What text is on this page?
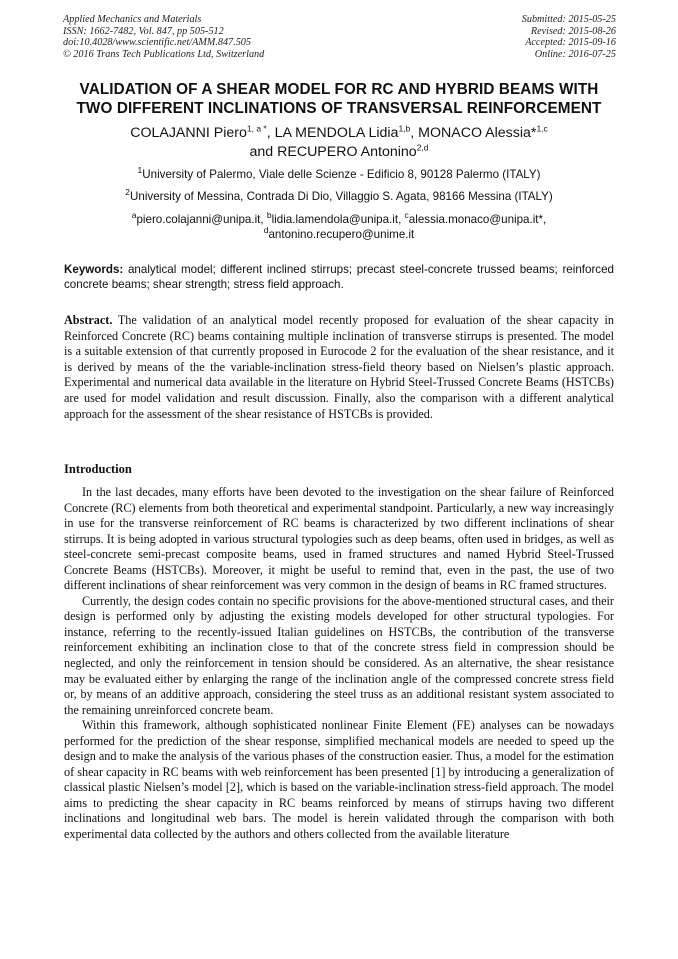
Applied Mechanics and Materials
ISSN: 1662-7482, Vol. 847, pp 505-512
doi:10.4028/www.scientific.net/AMM.847.505
© 2016 Trans Tech Publications Ltd, Switzerland
Submitted: 2015-05-25
Revised: 2015-08-26
Accepted: 2015-09-16
Online: 2016-07-25
VALIDATION OF A SHEAR MODEL FOR RC AND HYBRID BEAMS WITH
TWO DIFFERENT INCLINATIONS OF TRANSVERSAL REINFORCEMENT
COLAJANNI Piero$^{1, a *}$, LA MENDOLA Lidia$^{1,b}$, MONACO Alessia*$^{1,c}$
and RECUPERO Antonino$^{2,d}$
$^1$University of Palermo, Viale delle Scienze - Edificio 8, 90128 Palermo (ITALY)
$^2$University of Messina, Contrada Di Dio, Villaggio S. Agata, 98166 Messina (ITALY)
$^a$piero.colajanni@unipa.it, $^b$lidia.lamendola@unipa.it, $^c$alessia.monaco@unipa.it*,
$^d$antonino.recupero@unime.it
Keywords: analytical model; different inclined stirrups; precast steel-concrete trussed beams; reinforced concrete beams; shear strength; stress field approach.
Abstract. The validation of an analytical model recently proposed for evaluation of the shear capacity in Reinforced Concrete (RC) beams containing multiple inclination of transverse stirrups is presented. The model is a suitable extension of that currently proposed in Eurocode 2 for the evaluation of the shear resistance, and it is derived by means of the the variable-inclination stress-field theory based on Nielsen’s plastic approach. Experimental and numerical data available in the literature on Hybrid Steel-Trussed Concrete Beams (HSTCBs) are used for model validation and result discussion. Finally, also the comparison with a different analytical approach for the assessment of the shear resistance of HSTCBs is provided.
Introduction

In the last decades, many efforts have been devoted to the investigation on the shear failure of Reinforced Concrete (RC) elements from both theoretical and experimental standpoint. Particularly, a new way increasingly in use for the transverse reinforcement of RC beams is characterized by two different inclinations of shear stirrups. It is being adopted in various structural typologies such as deep beams, often used in bridges, as well as steel-concrete semi-precast composite beams, used in framed structures and named Hybrid Steel-Trussed Concrete Beams (HSTCBs). Moreover, it might be useful to remind that, even in the past, the use of two different inclinations of shear reinforcement was very common in the design of beams in RC framed structures.

Currently, the design codes contain no specific provisions for the above-mentioned structural cases, and their design is performed only by adjusting the existing models developed for other structural typologies. For instance, referring to the recently-issued Italian guidelines on HSTCBs, the contribution of the transverse reinforcement exhibiting an inclination close to that of the concrete stress field in compression should be neglected, and only the reinforcement in tension should be considered. As an alternative, the shear resistance may be evaluated either by enlarging the range of the inclination angle of the compressed concrete stress field or, by means of an additive approach, considering the steel truss as an additional resistant system associated to the remaining unreinforced concrete beam.

Within this framework, although sophisticated nonlinear Finite Element (FE) analyses can be nowadays performed for the prediction of the shear response, simplified mechanical models are needed to speed up the design and to make the analysis of the various phases of the construction easier. Thus, a model for the estimation of shear capacity in RC beams with web reinforcement has been presented [1] by introducing a generalization of classical plastic Nielsen’s model [2], which is based on the variable-inclination stress-field approach. The model aims to predicting the shear capacity in RC beams reinforced by means of stirrups having two different inclinations and longitudinal web bars. The model is herein validated through the comparison with both experimental data collected by the authors and others collected from the available literature
